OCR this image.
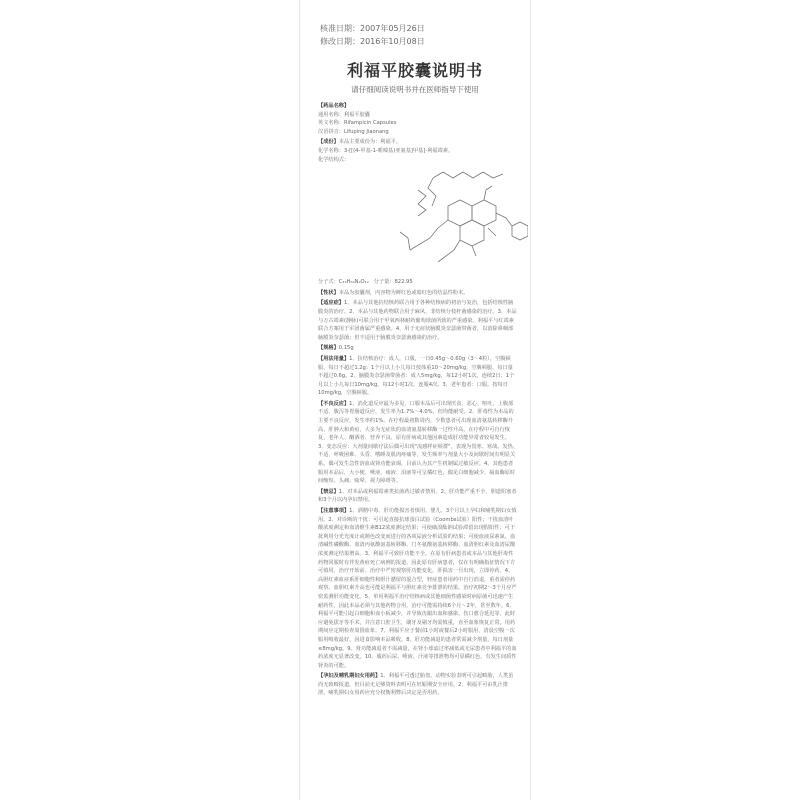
核准日期：2007年05月26日
修改日期：2016年10月08日
利福平胶囊说明书
请仔细阅读说明书并在医师指导下使用
【药品名称】
通用名称：利福平胶囊
英文名称：Rifampicin Capsules
汉语拼音：Lifuping Jiaonang
【成份】本品主要成份为：利福平。
化学名称：3-[[(4-甲基-1-哌嗪基)亚氨基]甲基]-利福霉素。
化学结构式：
分子式：C₄₃H₅₈N₄O₁₂ 分子量：822.95
【性状】本品为胶囊剂，内容物为鲜红色或暗红色的结晶性粉末。
【适应症】1、本品与其他抗结核药联合用于各种结核病的初治与复治，包括结核性脑膜炎的治疗。2、本品与其他药物联合用于麻风、非结核分枝杆菌感染的治疗。3、本品与万古霉素(静脉)可联合用于甲氧西林耐药葡萄球菌所致的严重感染。利福平与红霉素联合方案用于军团菌属严重感染。4、用于无症状脑膜炎奈瑟菌带菌者，以消除鼻咽部脑膜炎奈瑟菌；但不适用于脑膜炎奈瑟菌感染的治疗。
【规格】0.15g
【用法用量】1、抗结核治疗：成人，口服，一日0.45g～0.60g（3～4粒），空腹顿服，每日不超过1.2g；1个月以上小儿每日按体重10～20mg/kg，空腹顿服，每日量不超过0.6g。2、脑膜炎奈瑟菌带菌者：成人5mg/kg，每12小时1次，连续2日；1个月以上小儿每日10mg/kg，每12小时1次，连服4次。3、老年患者：口服，按每日10mg/kg，空腹顿服。
【不良反应】1、消化道反应最为多见，口服本品后可出现厌食、恶心、呕吐、上腹部不适、腹泻等胃肠道反应，发生率为1.7%～4.0%，但均能耐受。2、肝毒性为本品的主要不良反应，发生率约1%。在疗程最初数周内，少数患者可出现血清氨基转移酶升高、肝肿大和黄疸，大多为无症状的血清氨基转移酶一过性升高，在疗程中可自行恢复，老年人、酗酒者、营养不良、原有肝病或其他因素造成肝功能异常者较易发生。3、变态反应：大剂量间歇疗法后偶可出现"流感样症候群"，表现为畏寒、寒战、发热、不适、呼吸困难、头昏、嗜睡及肌肉疼痛等，发生频率与剂量大小及间歇时间有明显关系。偶可发生急性溶血或肾功能衰竭，目前认为其产生机制属过敏反应。4、其他患者服用本品后，大小便、唾液、痰液、泪液等可呈橘红色，偶见白细胞减少、凝血酶原时间缩短、头痛、眩晕、视力障碍等。
【禁忌】1、对本品或利福霉素类抗菌药过敏者禁用。2、肝功能严重不全、胆道阻塞者和3个月以内孕妇禁用。
【注意事项】1、酒精中毒、肝功能损害者慎用。婴儿、3个月以上孕妇和哺乳期妇女慎用。2、对诊断的干扰：可引起直接抗球蛋白试验（Coombs试验）阳性；干扰血清叶酸浓度测定和血清维生素B12浓度测定结果；可使磺溴酞钠试验滞留出现假阳性；可干扰利用分光光度计或颜色改变而进行的各项尿液分析试验的结果；可使血液尿素氮、血清碱性磷酸酶、血清丙氨酸氨基转移酶、门冬氨酸氨基转移酶、血清胆红素及血清尿酸浓度测定结果增高。3、利福平可致肝功能不全，在原有肝病患者或本品与其他肝毒性药物同服时有伴发黄疸死亡病例的报道，因此原有肝病患者，仅在有明确指征情况下方可慎用，治疗开始前、治疗中严密观察肝功能变化，肝损害一旦出现，立即停药。4、高胆红素血症系肝细胞性和胆汁潴留的混合型，轻症患者用药中自行消退，重者需停药观察。血胆红素升高也可能是利福平与胆红素竞争排泄的结果。治疗初期2～3个月应严密监测肝功能变化。5、单用利福平治疗结核病或其他细菌性感染时病原菌可迅速产生耐药性，因此本品必须与其他药物合用。治疗可能需持续6个月～2年，甚至数年。6、利福平可能引起白细胞和血小板减少，并导致齿龈出血和感染、伤口愈合延迟等。此时应避免拔牙等手术，并注意口腔卫生，刷牙及剔牙均需慎重，直至血象恢复正常。用药期间应定期检查周围血象。7、利福平应于餐前1小时或餐后2小时服用，清晨空腹一次服用吸收最好，因进食影响本品吸收。8、肝功能减退的患者常需减少剂量，每日剂量≤8mg/kg。9、肾功能减退者不需减量，在肾小球滤过率减低或无尿患者中利福平的血药浓度无显著改变。10、服药后尿、唾液、汗液等排泄物均可显橘红色，有发生间质性肾炎的可能。
【孕妇及哺乳期妇女用药】1、利福平可透过胎盘，动物实验表明可引起畸胎，人类虽尚无致畸报道，但目前无足够资料表明可在妊娠期安全应用。2、利福平可由乳汁排泄，哺乳期妇女用药应充分权衡利弊后决定是否用药。
